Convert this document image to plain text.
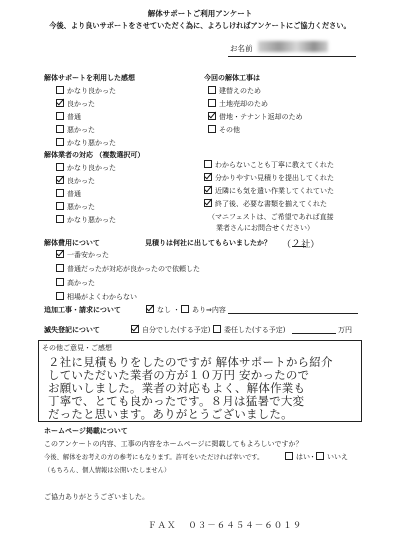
解体サポートご利用アンケート
今後、より良いサポートをさせていただく為に、よろしければアンケートにご協力ください。
お名前
解体サポートを利用した感想
かなり良かった
良かった
普通
悪かった
かなり悪かった
今回の解体工事は
建替えのため
土地売却のため
借地・テナント返却のため
その他
解体業者の対応 （複数選択可）
かなり良かった
良かった
普通
悪かった
かなり悪かった
わからないことも丁寧に教えてくれた
分かりやすい見積りを提出してくれた
近隣にも気を遣い作業してくれていた
終了後、必要な書類を揃えてくれた
（マニフェストは、ご希望であれば直接
業者さんにお問合せください）
解体費用について	見積りは何社に出してもらいましたか？ （２社）
一番安かった
普通だったが対応が良かったので依頼した
高かった
相場がよくわからない
追加工事・請求について	なし ・	あり⇒内容
滅失登記について	自分でした(する予定)	委任した(する予定)	万円
その他ご意見・ご感想
２社に見積もりをしたのですが 解体サポートから紹介
していただいた業者の方が１０万円 安かったので
お願いしました。業者の対応もよく、解体作業も
丁寧で、とても良かったです。８月は猛暑で大変
だったと思います。ありがとうございました。
ホームページ掲載について
このアンケートの内容、工事の内容をホームページに掲載してもよろしいですか？
今後、解体をお考えの方の参考にもなります。許可をいただければ幸いです。	はい ・	いいえ
（もちろん、個人情報は公開いたしません）
ご協力ありがとうございました。
ＦＡＸ ０３－６４５４－６０１９
